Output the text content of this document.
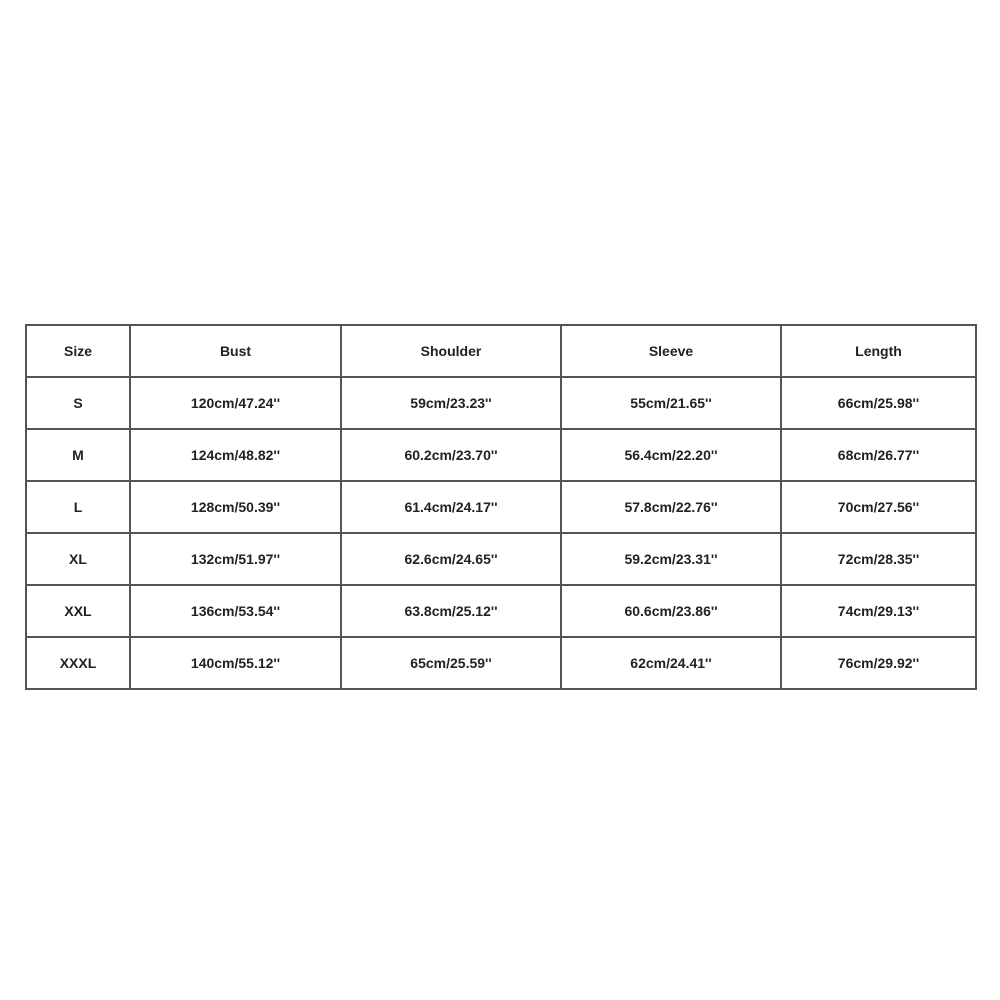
Size	Bust	Shoulder	Sleeve	Length
S	120cm/47.24''	59cm/23.23''	55cm/21.65''	66cm/25.98''
M	124cm/48.82''	60.2cm/23.70''	56.4cm/22.20''	68cm/26.77''
L	128cm/50.39''	61.4cm/24.17''	57.8cm/22.76''	70cm/27.56''
XL	132cm/51.97''	62.6cm/24.65''	59.2cm/23.31''	72cm/28.35''
XXL	136cm/53.54''	63.8cm/25.12''	60.6cm/23.86''	74cm/29.13''
XXXL	140cm/55.12''	65cm/25.59''	62cm/24.41''	76cm/29.92''
